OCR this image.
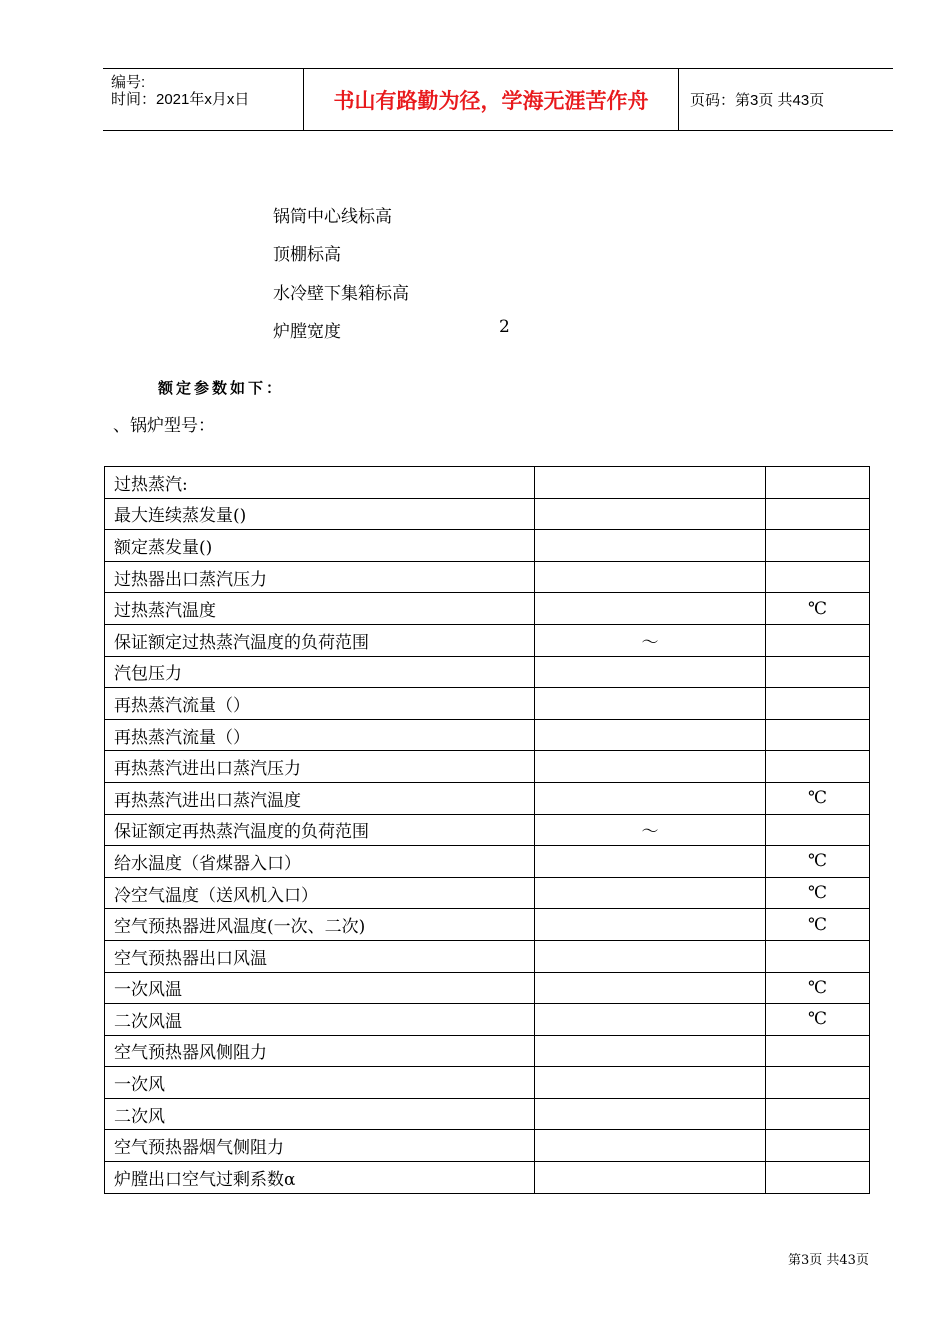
编号:
时间：2021年x月x日	书山有路勤为径，学海无涯苦作舟	页码：第3页 共43页
锅筒中心线标高
顶棚标高
水冷壁下集箱标高
炉膛宽度	2
额定参数如下：
、锅炉型号：
过热蒸汽:		
最大连续蒸发量()		
额定蒸发量()		
过热器出口蒸汽压力		
过热蒸汽温度		℃
保证额定过热蒸汽温度的负荷范围	～	
汽包压力		
再热蒸汽流量（）		
再热蒸汽流量（）		
再热蒸汽进出口蒸汽压力		
再热蒸汽进出口蒸汽温度		℃
保证额定再热蒸汽温度的负荷范围	～	
给水温度（省煤器入口）		℃
冷空气温度（送风机入口）		℃
空气预热器进风温度(一次、二次)		℃
空气预热器出口风温		
一次风温		℃
二次风温		℃
空气预热器风侧阻力		
一次风		
二次风		
空气预热器烟气侧阻力		
炉膛出口空气过剩系数α		
第3页 共43页
